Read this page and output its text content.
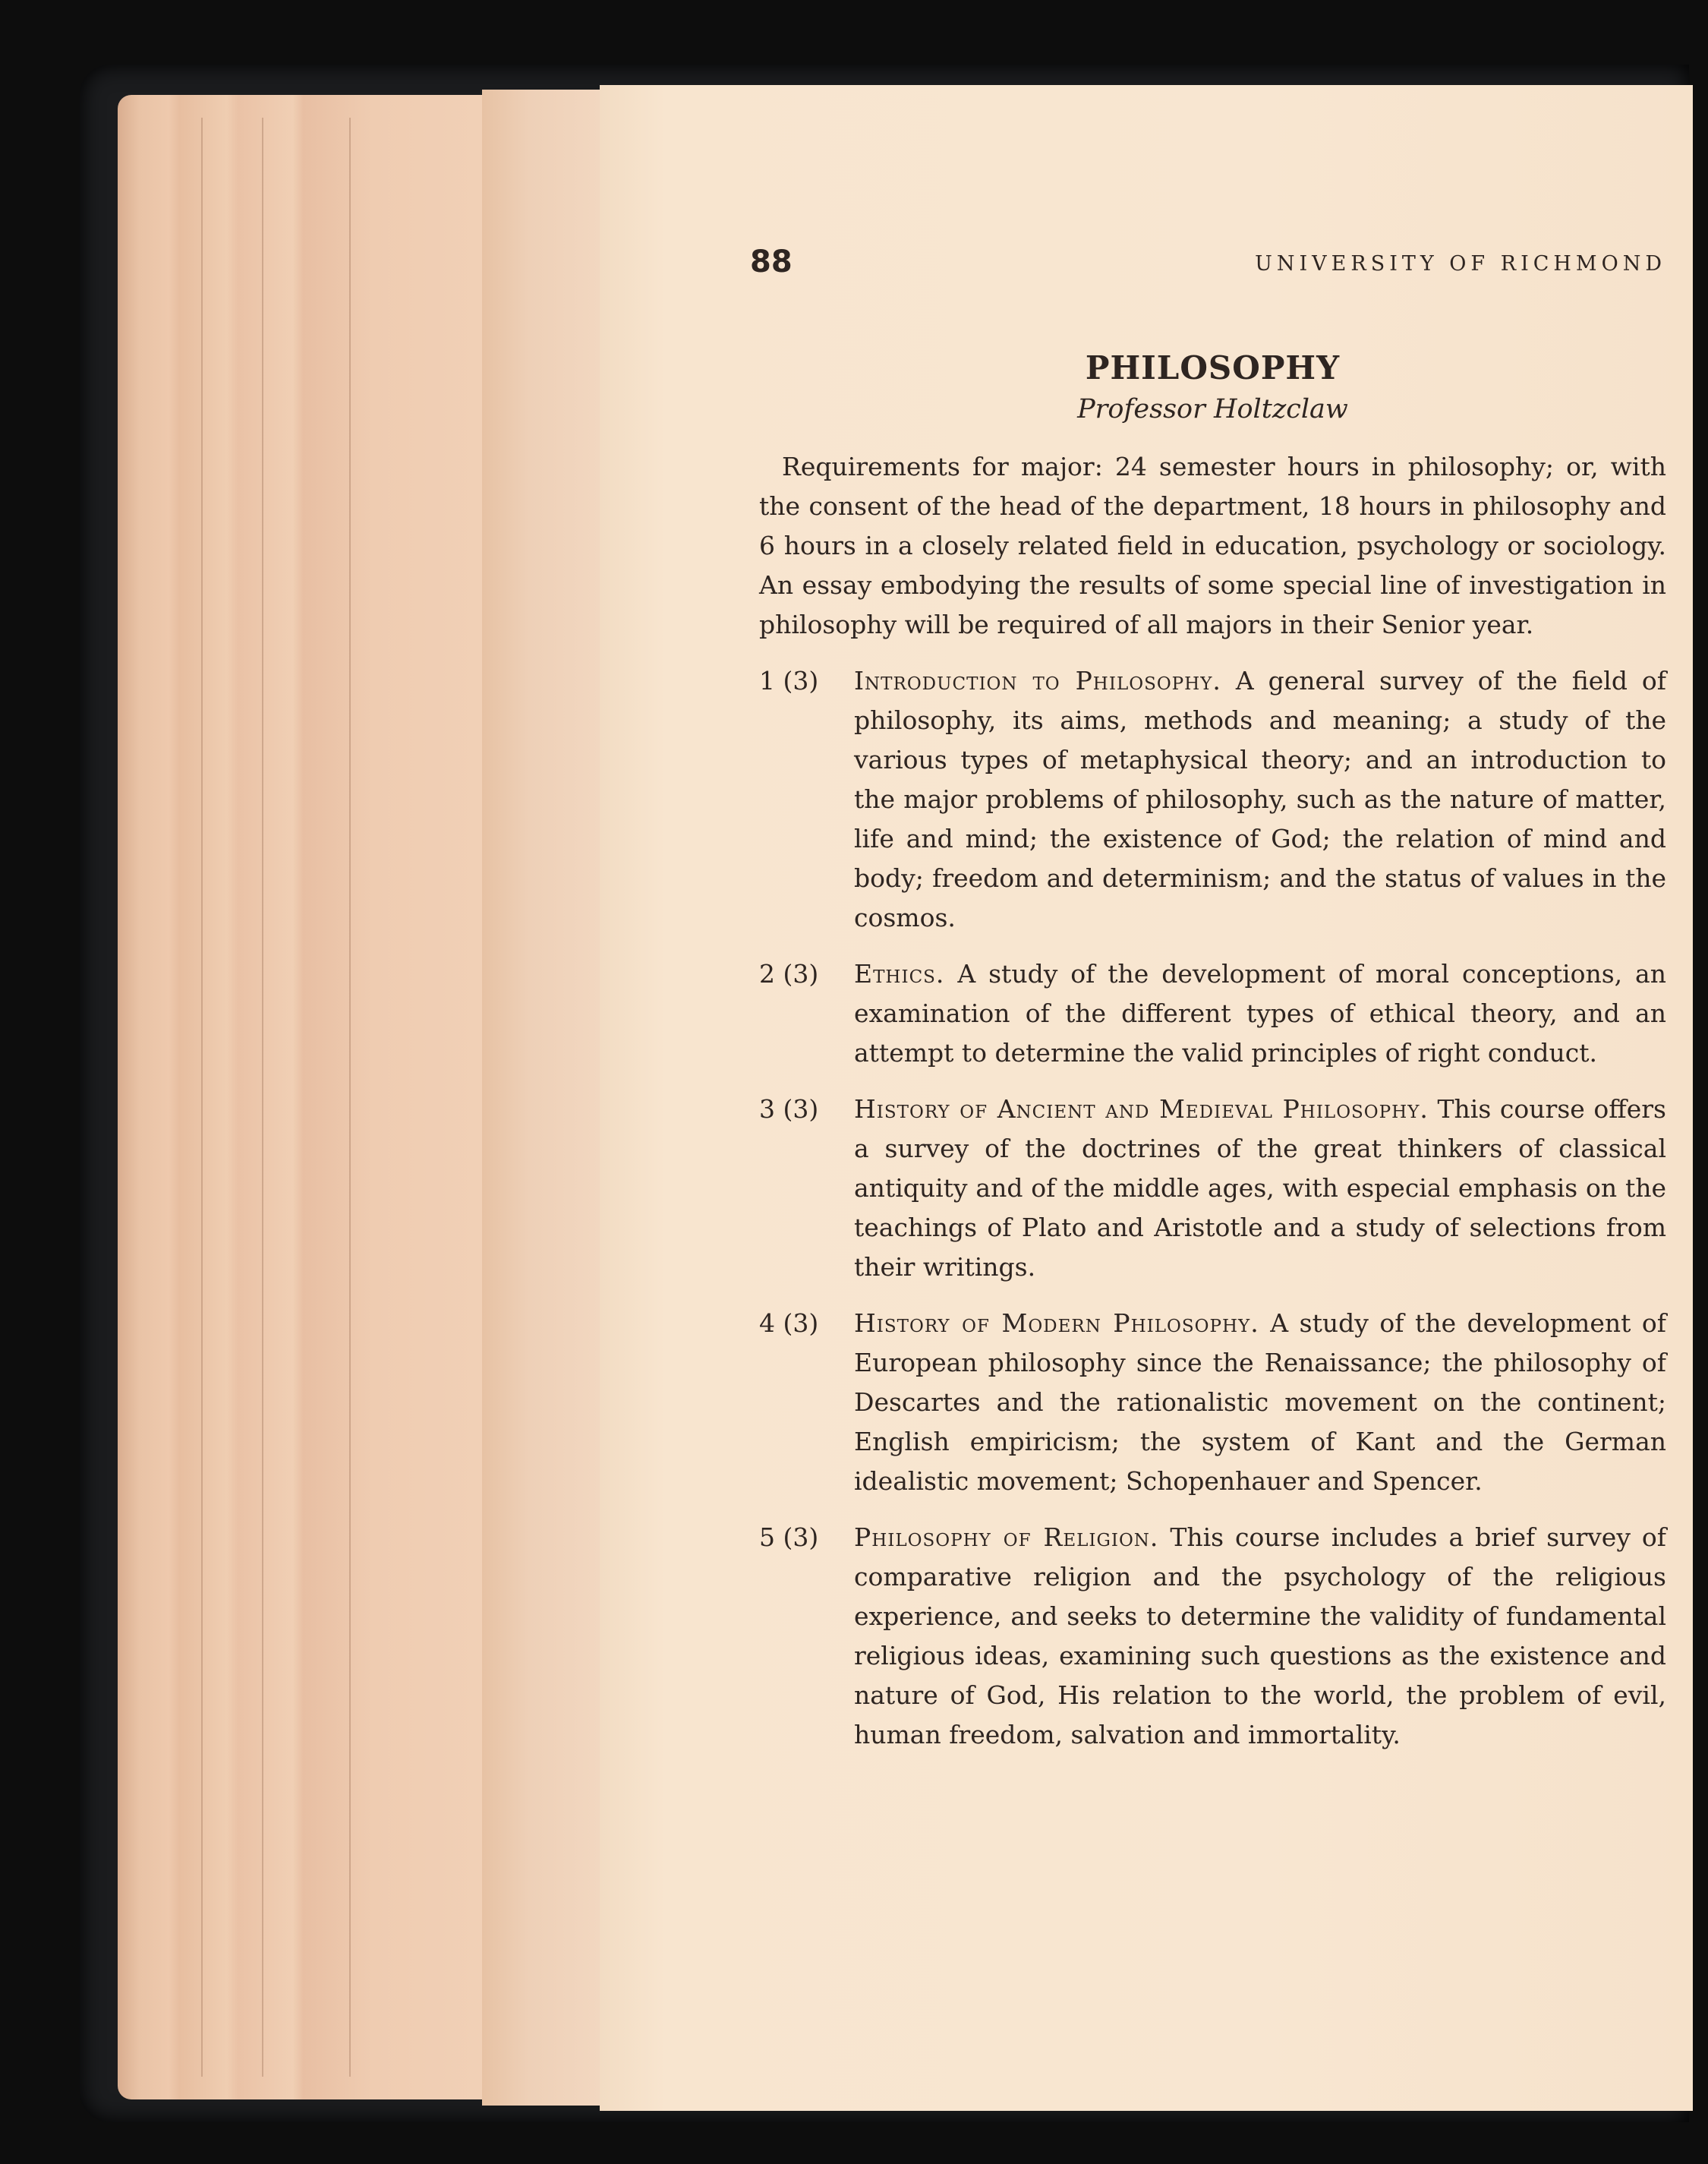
88	UNIVERSITY OF RICHMOND
PHILOSOPHY
Professor Holtzclaw

Requirements for major: 24 semester hours in philosophy; or, with the consent of the head of the department, 18 hours in philosophy and 6 hours in a closely related field in education, psychology or sociology. An essay embodying the results of some special line of investigation in philosophy will be required of all majors in their Senior year.

1 (3)	Introduction to Philosophy. A general survey of the field of philosophy, its aims, methods and meaning; a study of the various types of metaphysical theory; and an introduction to the major problems of philosophy, such as the nature of matter, life and mind; the existence of God; the relation of mind and body; freedom and determinism; and the status of values in the cosmos.
2 (3)	Ethics. A study of the development of moral conceptions, an examination of the different types of ethical theory, and an attempt to determine the valid principles of right conduct.
3 (3)	History of Ancient and Medieval Philosophy. This course offers a survey of the doctrines of the great thinkers of classical antiquity and of the middle ages, with especial emphasis on the teachings of Plato and Aristotle and a study of selections from their writings.
4 (3)	History of Modern Philosophy. A study of the development of European philosophy since the Renaissance; the philosophy of Descartes and the rationalistic movement on the continent; English empiricism; the system of Kant and the German idealistic movement; Schopenhauer and Spencer.
5 (3)	Philosophy of Religion. This course includes a brief survey of comparative religion and the psychology of the religious experience, and seeks to determine the validity of fundamental religious ideas, examining such questions as the existence and nature of God, His relation to the world, the problem of evil, human freedom, salvation and immortality.
